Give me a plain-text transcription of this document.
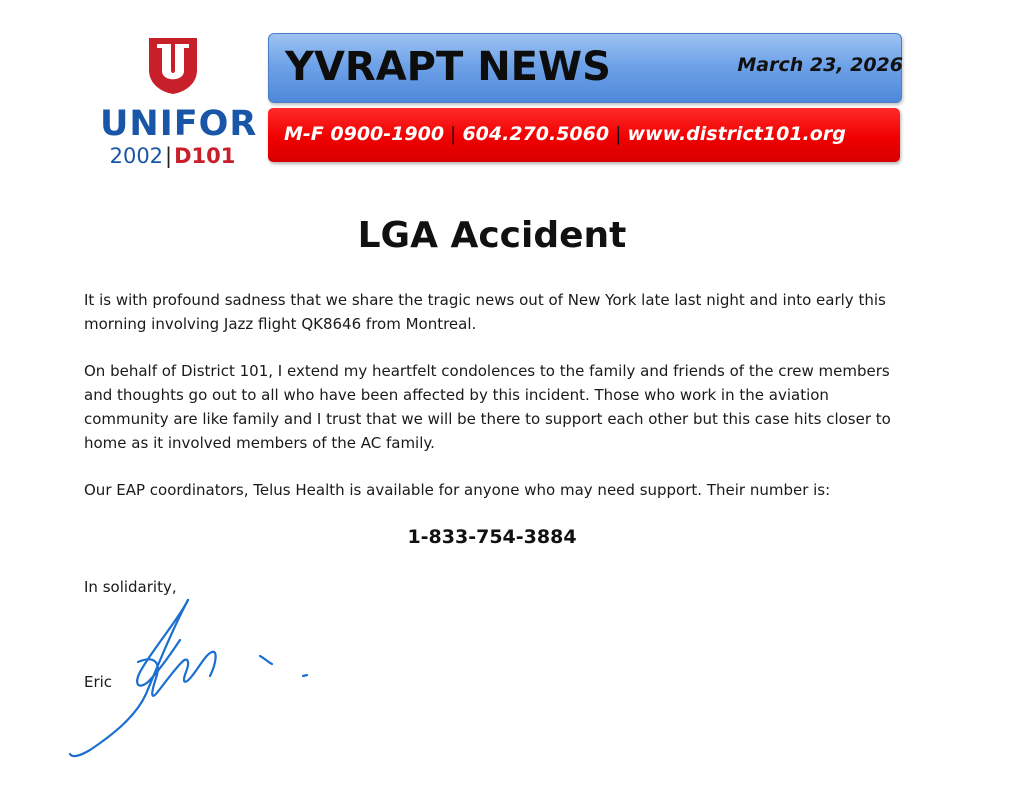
UNIFOR
2002|D101
YVRAPT NEWS	March 23, 2026
M-F 0900-1900 | 604.270.5060 | www.district101.org
LGA Accident

It is with profound sadness that we share the tragic news out of New York late last night and into early this morning involving Jazz flight QK8646 from Montreal.

On behalf of District 101, I extend my heartfelt condolences to the family and friends of the crew members and thoughts go out to all who have been affected by this incident. Those who work in the aviation community are like family and I trust that we will be there to support each other but this case hits closer to home as it involved members of the AC family.

Our EAP coordinators, Telus Health is available for anyone who may need support. Their number is:

1-833-754-3884
In solidarity,
Eric
